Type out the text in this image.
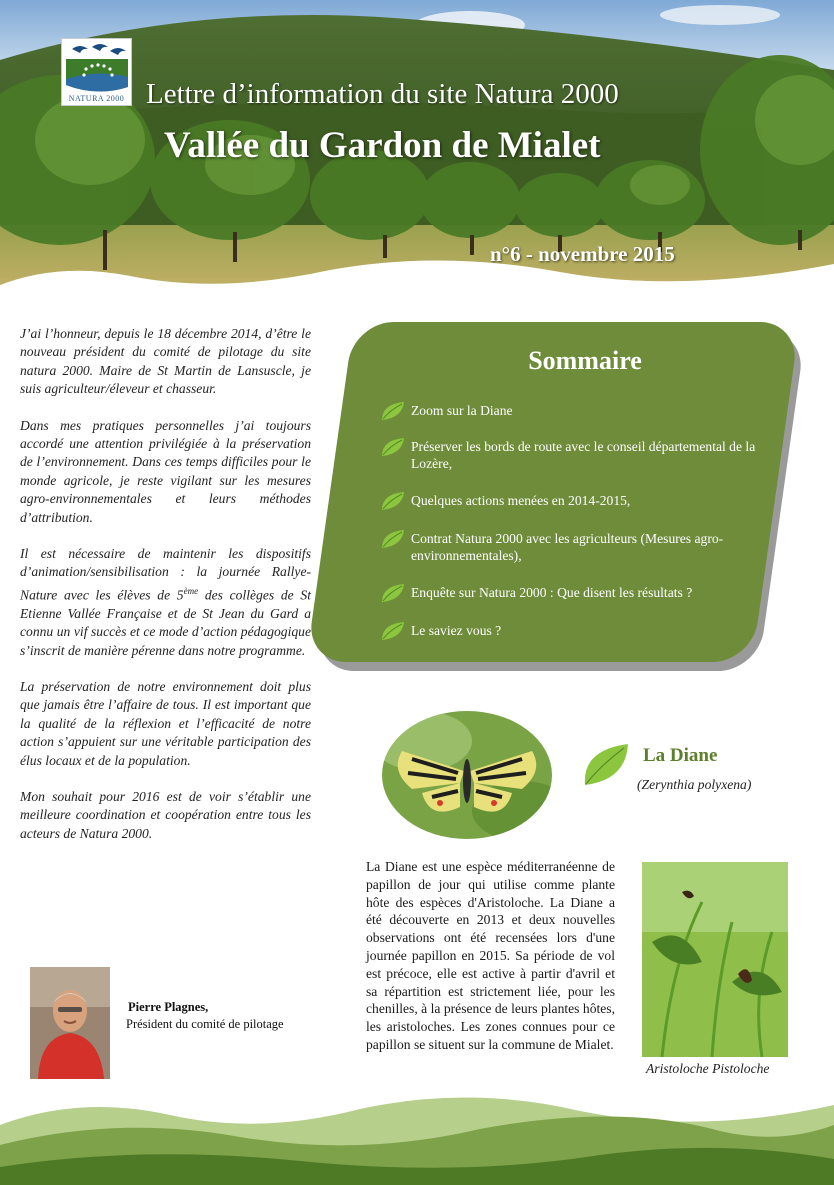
NATURA 2000 Lettre d’information du site Natura 2000
Vallée du Gardon de Mialet
n°6 - novembre 2015

J’ai l’honneur, depuis le 18 décembre 2014, d’être le nouveau président du comité de pilotage du site natura 2000. Maire de St Martin de Lansuscle, je suis agriculteur/éleveur et chasseur.

Dans mes pratiques personnelles j’ai toujours accordé une attention privilégiée à la préservation de l’environnement. Dans ces temps difficiles pour le monde agricole, je reste vigilant sur les mesures agro-environnementales et leurs méthodes d’attribution.

Il est nécessaire de maintenir les dispositifs d’animation/sensibilisation : la journée Rallye-Nature avec les élèves de 5ème des collèges de St Etienne Vallée Française et de St Jean du Gard a connu un vif succès et ce mode d’action pédagogique s’inscrit de manière pérenne dans notre programme.

La préservation de notre environnement doit plus que jamais être l’affaire de tous. Il est important que la qualité de la réflexion et l’efficacité de notre action s’appuient sur une véritable participation des élus locaux et de la population.

Mon souhait pour 2016 est de voir s’établir une meilleure coordination et coopération entre tous les acteurs de Natura 2000.

Pierre Plagnes,
Président du comité de pilotage
Sommaire
Zoom sur la Diane
Préserver les bords de route avec le conseil départemental de la Lozère,
Quelques actions menées en 2014-2015,
Contrat Natura 2000 avec les agriculteurs (Mesures agro-environnementales),
Enquête sur Natura 2000 : Que disent les résultats ?
Le saviez vous ?
La Diane
(Zerynthia polyxena)
La Diane est une espèce méditerranéenne de papillon de jour qui utilise comme plante hôte des espèces d'Aristoloche. La Diane a été découverte en 2013 et deux nouvelles observations ont été recensées lors d'une journée papillon en 2015. Sa période de vol est précoce, elle est active à partir d'avril et sa répartition est strictement liée, pour les chenilles, à la présence de leurs plantes hôtes, les aristoloches. Les zones connues pour ce papillon se situent sur la commune de Mialet.
Aristoloche Pistoloche
